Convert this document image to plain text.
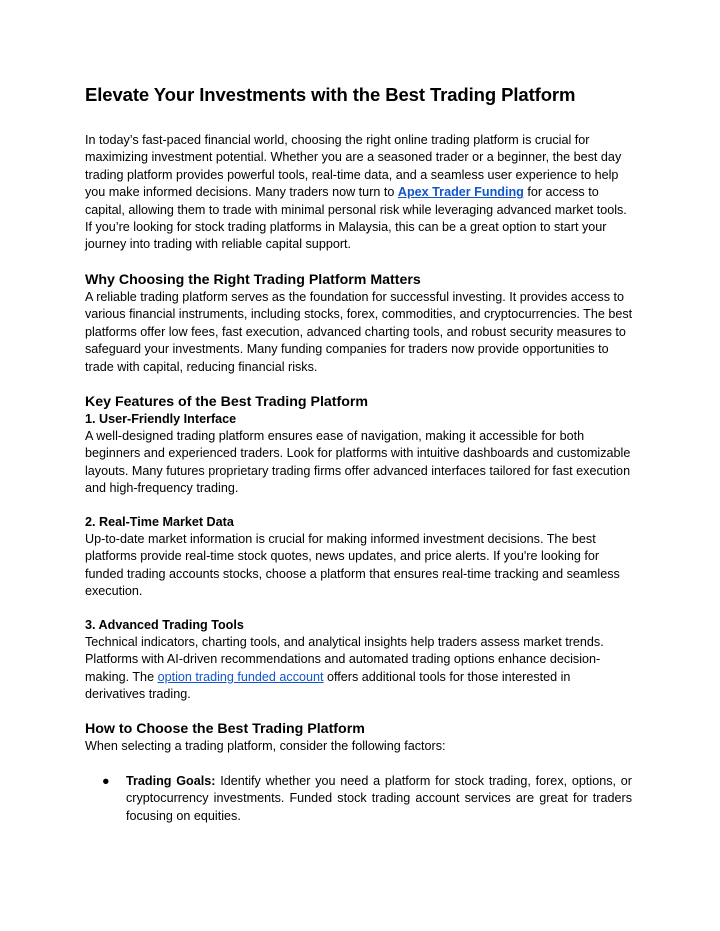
Elevate Your Investments with the Best Trading Platform

In today’s fast-paced financial world, choosing the right online trading platform is crucial for maximizing investment potential. Whether you are a seasoned trader or a beginner, the best day trading platform provides powerful tools, real-time data, and a seamless user experience to help you make informed decisions. Many traders now turn to Apex Trader Funding for access to capital, allowing them to trade with minimal personal risk while leveraging advanced market tools. If you’re looking for stock trading platforms in Malaysia, this can be a great option to start your journey into trading with reliable capital support.

Why Choosing the Right Trading Platform Matters

A reliable trading platform serves as the foundation for successful investing. It provides access to various financial instruments, including stocks, forex, commodities, and cryptocurrencies. The best platforms offer low fees, fast execution, advanced charting tools, and robust security measures to safeguard your investments. Many funding companies for traders now provide opportunities to trade with capital, reducing financial risks.

Key Features of the Best Trading Platform
1. User-Friendly Interface

A well-designed trading platform ensures ease of navigation, making it accessible for both beginners and experienced traders. Look for platforms with intuitive dashboards and customizable layouts. Many futures proprietary trading firms offer advanced interfaces tailored for fast execution and high-frequency trading.

2. Real-Time Market Data

Up-to-date market information is crucial for making informed investment decisions. The best platforms provide real-time stock quotes, news updates, and price alerts. If you're looking for funded trading accounts stocks, choose a platform that ensures real-time tracking and seamless execution.

3. Advanced Trading Tools

Technical indicators, charting tools, and analytical insights help traders assess market trends. Platforms with AI-driven recommendations and automated trading options enhance decision-making. The option trading funded account offers additional tools for those interested in derivatives trading.

How to Choose the Best Trading Platform

When selecting a trading platform, consider the following factors:

● Trading Goals: Identify whether you need a platform for stock trading, forex, options, or cryptocurrency investments. Funded stock trading account services are great for traders focusing on equities.
